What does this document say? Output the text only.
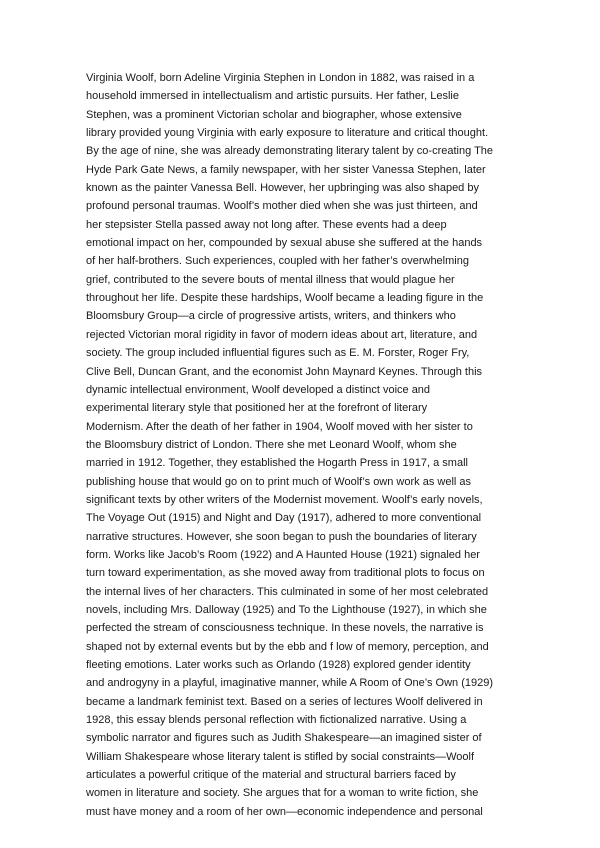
Virginia Woolf, born Adeline Virginia Stephen in London in 1882, was raised in a
household immersed in intellectualism and artistic pursuits. Her father, Leslie
Stephen, was a prominent Victorian scholar and biographer, whose extensive
library provided young Virginia with early exposure to literature and critical thought.
By the age of nine, she was already demonstrating literary talent by co-creating The
Hyde Park Gate News, a family newspaper, with her sister Vanessa Stephen, later
known as the painter Vanessa Bell. However, her upbringing was also shaped by
profound personal traumas. Woolf’s mother died when she was just thirteen, and
her stepsister Stella passed away not long after. These events had a deep
emotional impact on her, compounded by sexual abuse she suffered at the hands
of her half-brothers. Such experiences, coupled with her father’s overwhelming
grief, contributed to the severe bouts of mental illness that would plague her
throughout her life. Despite these hardships, Woolf became a leading figure in the
Bloomsbury Group—a circle of progressive artists, writers, and thinkers who
rejected Victorian moral rigidity in favor of modern ideas about art, literature, and
society. The group included influential figures such as E. M. Forster, Roger Fry,
Clive Bell, Duncan Grant, and the economist John Maynard Keynes. Through this
dynamic intellectual environment, Woolf developed a distinct voice and
experimental literary style that positioned her at the forefront of literary
Modernism. After the death of her father in 1904, Woolf moved with her sister to
the Bloomsbury district of London. There she met Leonard Woolf, whom she
married in 1912. Together, they established the Hogarth Press in 1917, a small
publishing house that would go on to print much of Woolf’s own work as well as
significant texts by other writers of the Modernist movement. Woolf’s early novels,
The Voyage Out (1915) and Night and Day (1917), adhered to more conventional
narrative structures. However, she soon began to push the boundaries of literary
form. Works like Jacob’s Room (1922) and A Haunted House (1921) signaled her
turn toward experimentation, as she moved away from traditional plots to focus on
the internal lives of her characters. This culminated in some of her most celebrated
novels, including Mrs. Dalloway (1925) and To the Lighthouse (1927), in which she
perfected the stream of consciousness technique. In these novels, the narrative is
shaped not by external events but by the ebb and f low of memory, perception, and
fleeting emotions. Later works such as Orlando (1928) explored gender identity
and androgyny in a playful, imaginative manner, while A Room of One’s Own (1929)
became a landmark feminist text. Based on a series of lectures Woolf delivered in
1928, this essay blends personal reflection with fictionalized narrative. Using a
symbolic narrator and figures such as Judith Shakespeare—an imagined sister of
William Shakespeare whose literary talent is stifled by social constraints—Woolf
articulates a powerful critique of the material and structural barriers faced by
women in literature and society. She argues that for a woman to write fiction, she
must have money and a room of her own—economic independence and personal
